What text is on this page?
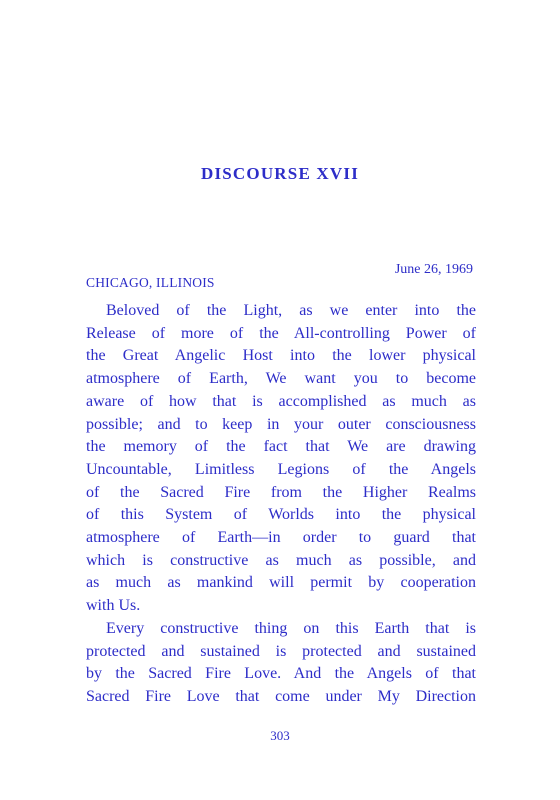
DISCOURSE XVII
June 26, 1969
CHICAGO, ILLINOIS
Beloved of the Light, as we enter into the
Release of more of the All-controlling Power of
the Great Angelic Host into the lower physical
atmosphere of Earth, We want you to become
aware of how that is accomplished as much as
possible; and to keep in your outer consciousness
the memory of the fact that We are drawing
Uncountable, Limitless Legions of the Angels
of the Sacred Fire from the Higher Realms
of this System of Worlds into the physical
atmosphere of Earth—in order to guard that
which is constructive as much as possible, and
as much as mankind will permit by cooperation
with Us.
Every constructive thing on this Earth that is
protected and sustained is protected and sustained
by the Sacred Fire Love. And the Angels of that
Sacred Fire Love that come under My Direction
303
